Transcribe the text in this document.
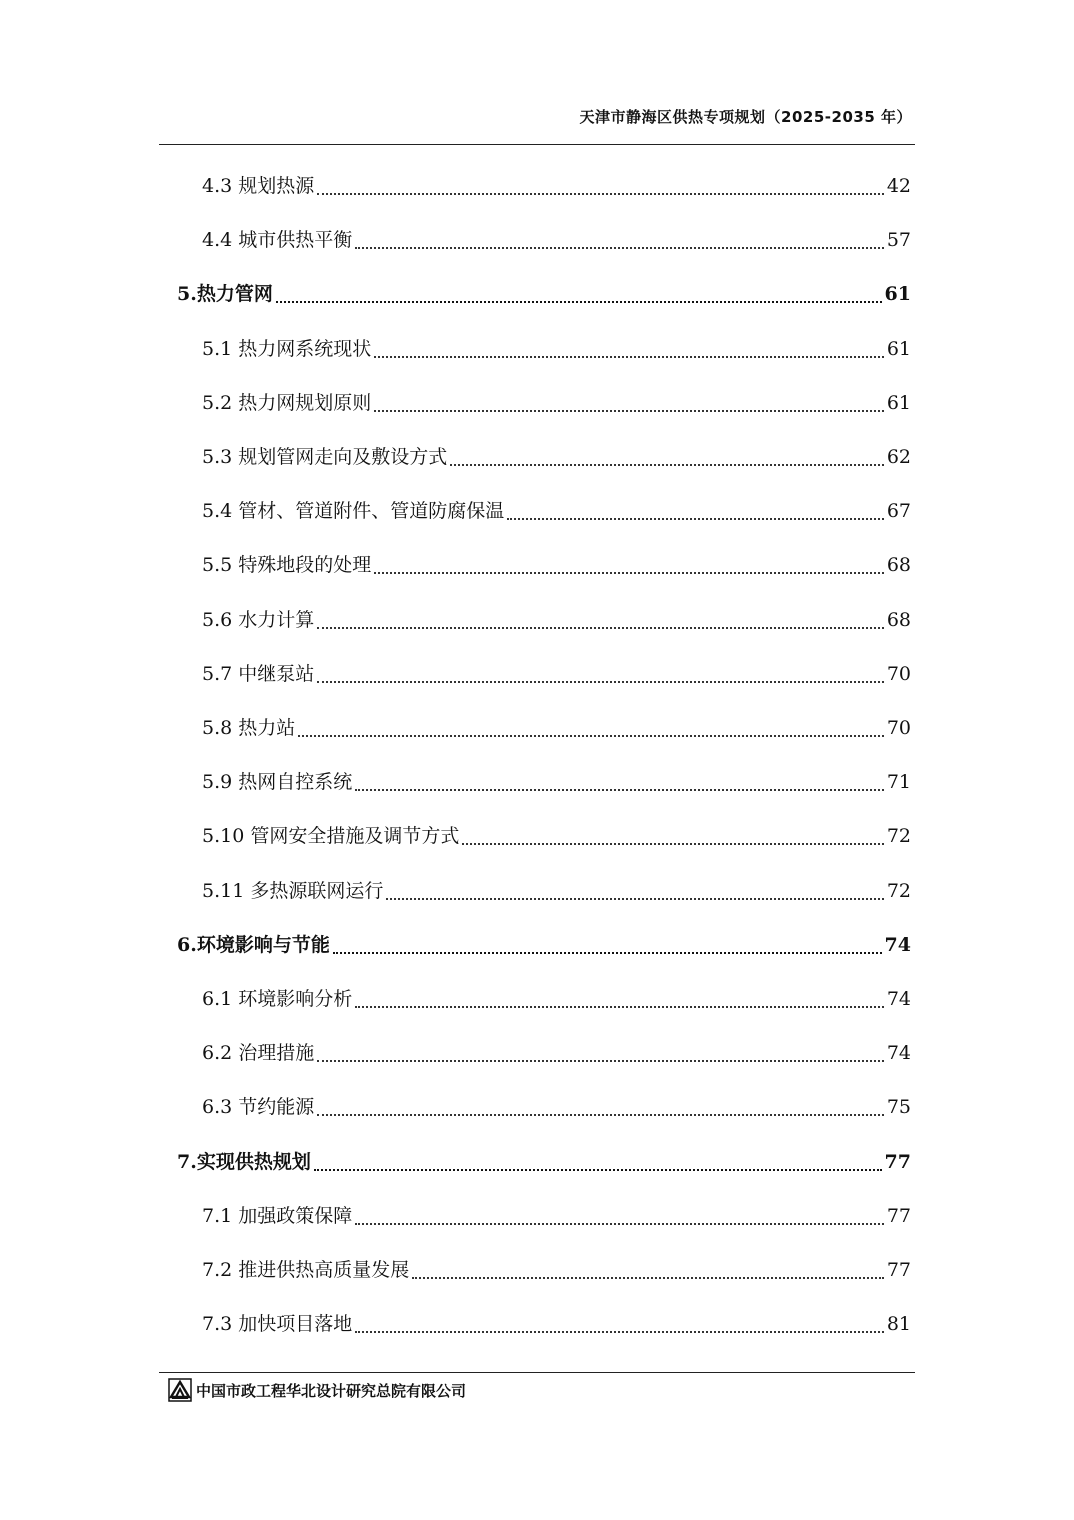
天津市静海区供热专项规划（2025-2035 年）
4.3 规划热源	42
4.4 城市供热平衡	57
5.热力管网	61
5.1 热力网系统现状	61
5.2 热力网规划原则	61
5.3 规划管网走向及敷设方式	62
5.4 管材、管道附件、管道防腐保温	67
5.5 特殊地段的处理	68
5.6 水力计算	68
5.7 中继泵站	70
5.8 热力站	70
5.9 热网自控系统	71
5.10 管网安全措施及调节方式	72
5.11 多热源联网运行	72
6.环境影响与节能	74
6.1 环境影响分析	74
6.2 治理措施	74
6.3 节约能源	75
7.实现供热规划	77
7.1 加强政策保障	77
7.2 推进供热高质量发展	77
7.3 加快项目落地	81
中国市政工程华北设计研究总院有限公司
